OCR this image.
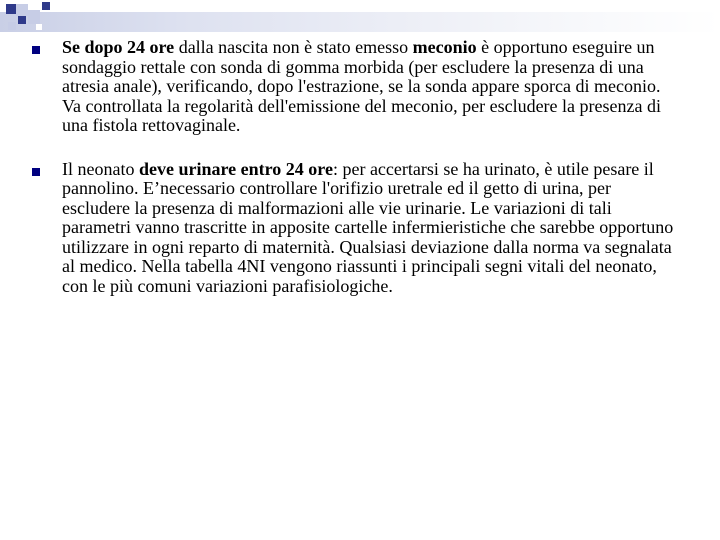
Se dopo 24 ore dalla nascita non è stato emesso meconio è opportuno eseguire un sondaggio rettale con sonda di gomma morbida (per escludere la presenza di una atresia anale), verificando, dopo l'estrazione, se la sonda appare sporca di meconio. Va controllata la regolarità dell'emissione del meconio, per escludere la presenza di una fistola rettovaginale.
Il neonato deve urinare entro 24 ore: per accertarsi se ha urinato, è utile pesare il pannolino. E’necessario controllare l'orifizio uretrale ed il getto di urina, per escludere la presenza di malformazioni alle vie urinarie. Le variazioni di tali parametri vanno trascritte in apposite cartelle infermieristiche che sarebbe opportuno utilizzare in ogni reparto di maternità. Qualsiasi deviazione dalla norma va segnalata al medico. Nella tabella 4NI vengono riassunti i principali segni vitali del neonato, con le più comuni variazioni parafisiologiche.
